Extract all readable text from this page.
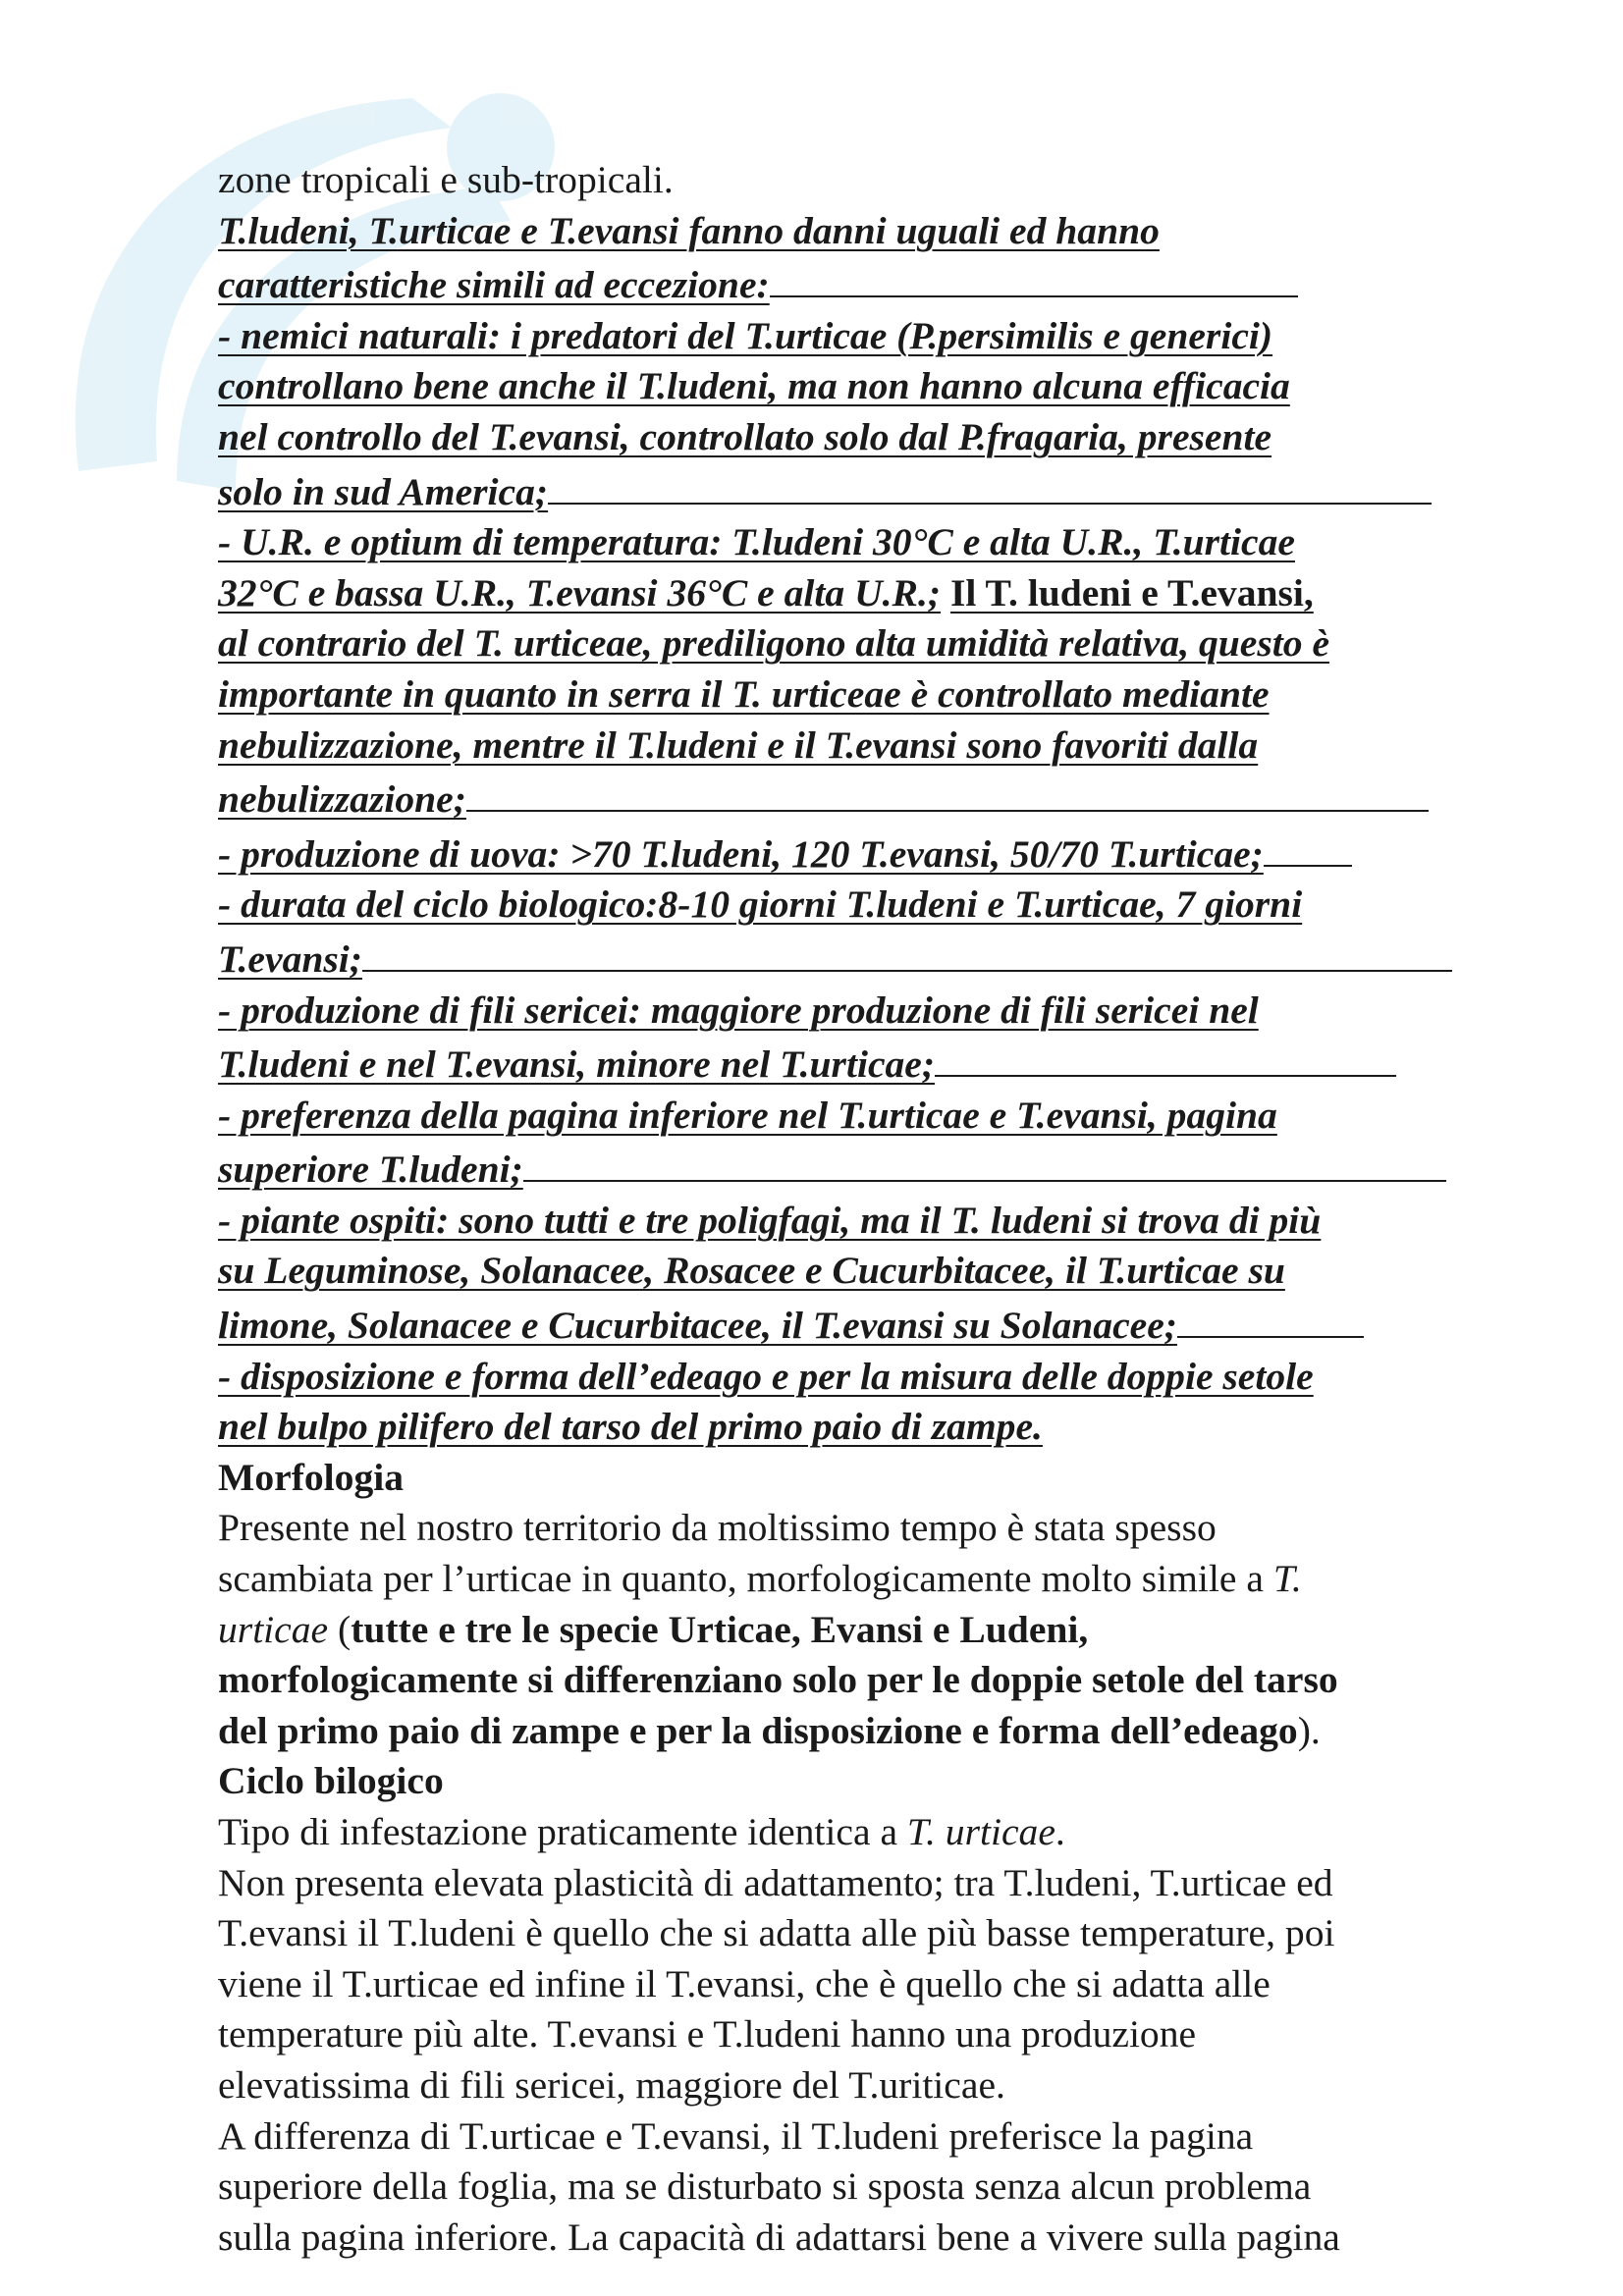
zone tropicali e sub-tropicali.
T.ludeni, T.urticae e T.evansi fanno danni uguali ed hanno
caratteristiche simili ad eccezione:
- nemici naturali: i predatori del T.urticae (P.persimilis e generici)
controllano bene anche il T.ludeni, ma non hanno alcuna efficacia
nel controllo del T.evansi, controllato solo dal P.fragaria, presente
solo in sud America;
- U.R. e optium di temperatura: T.ludeni 30°C e alta U.R., T.urticae
32°C e bassa U.R., T.evansi 36°C e alta U.R.; Il T. ludeni e T.evansi,
al contrario del T. urticeae, prediligono alta umidità relativa, questo è
importante in quanto in serra il T. urticeae è controllato mediante
nebulizzazione, mentre il T.ludeni e il T.evansi sono favoriti dalla
nebulizzazione;
- produzione di uova: >70 T.ludeni, 120 T.evansi, 50/70 T.urticae;
- durata del ciclo biologico:8-10 giorni T.ludeni e T.urticae, 7 giorni
T.evansi;
- produzione di fili sericei: maggiore produzione di fili sericei nel
T.ludeni e nel T.evansi, minore nel T.urticae;
- preferenza della pagina inferiore nel T.urticae e T.evansi, pagina
superiore T.ludeni;
- piante ospiti: sono tutti e tre poligfagi, ma il T. ludeni si trova di più
su Leguminose, Solanacee, Rosacee e Cucurbitacee, il T.urticae su
limone, Solanacee e Cucurbitacee, il T.evansi su Solanacee;
- disposizione e forma dell’edeago e per la misura delle doppie setole
nel bulpo pilifero del tarso del primo paio di zampe.
Morfologia
Presente nel nostro territorio da moltissimo tempo è stata spesso
scambiata per l’urticae in quanto, morfologicamente molto simile a T.
urticae (tutte e tre le specie Urticae, Evansi e Ludeni,
morfologicamente si differenziano solo per le doppie setole del tarso
del primo paio di zampe e per la disposizione e forma dell’edeago).
Ciclo bilogico
Tipo di infestazione praticamente identica a T. urticae.
Non presenta elevata plasticità di adattamento; tra T.ludeni, T.urticae ed
T.evansi il T.ludeni è quello che si adatta alle più basse temperature, poi
viene il T.urticae ed infine il T.evansi, che è quello che si adatta alle
temperature più alte. T.evansi e T.ludeni hanno una produzione
elevatissima di fili sericei, maggiore del T.uriticae.
A differenza di T.urticae e T.evansi, il T.ludeni preferisce la pagina
superiore della foglia, ma se disturbato si sposta senza alcun problema
sulla pagina inferiore. La capacità di adattarsi bene a vivere sulla pagina
